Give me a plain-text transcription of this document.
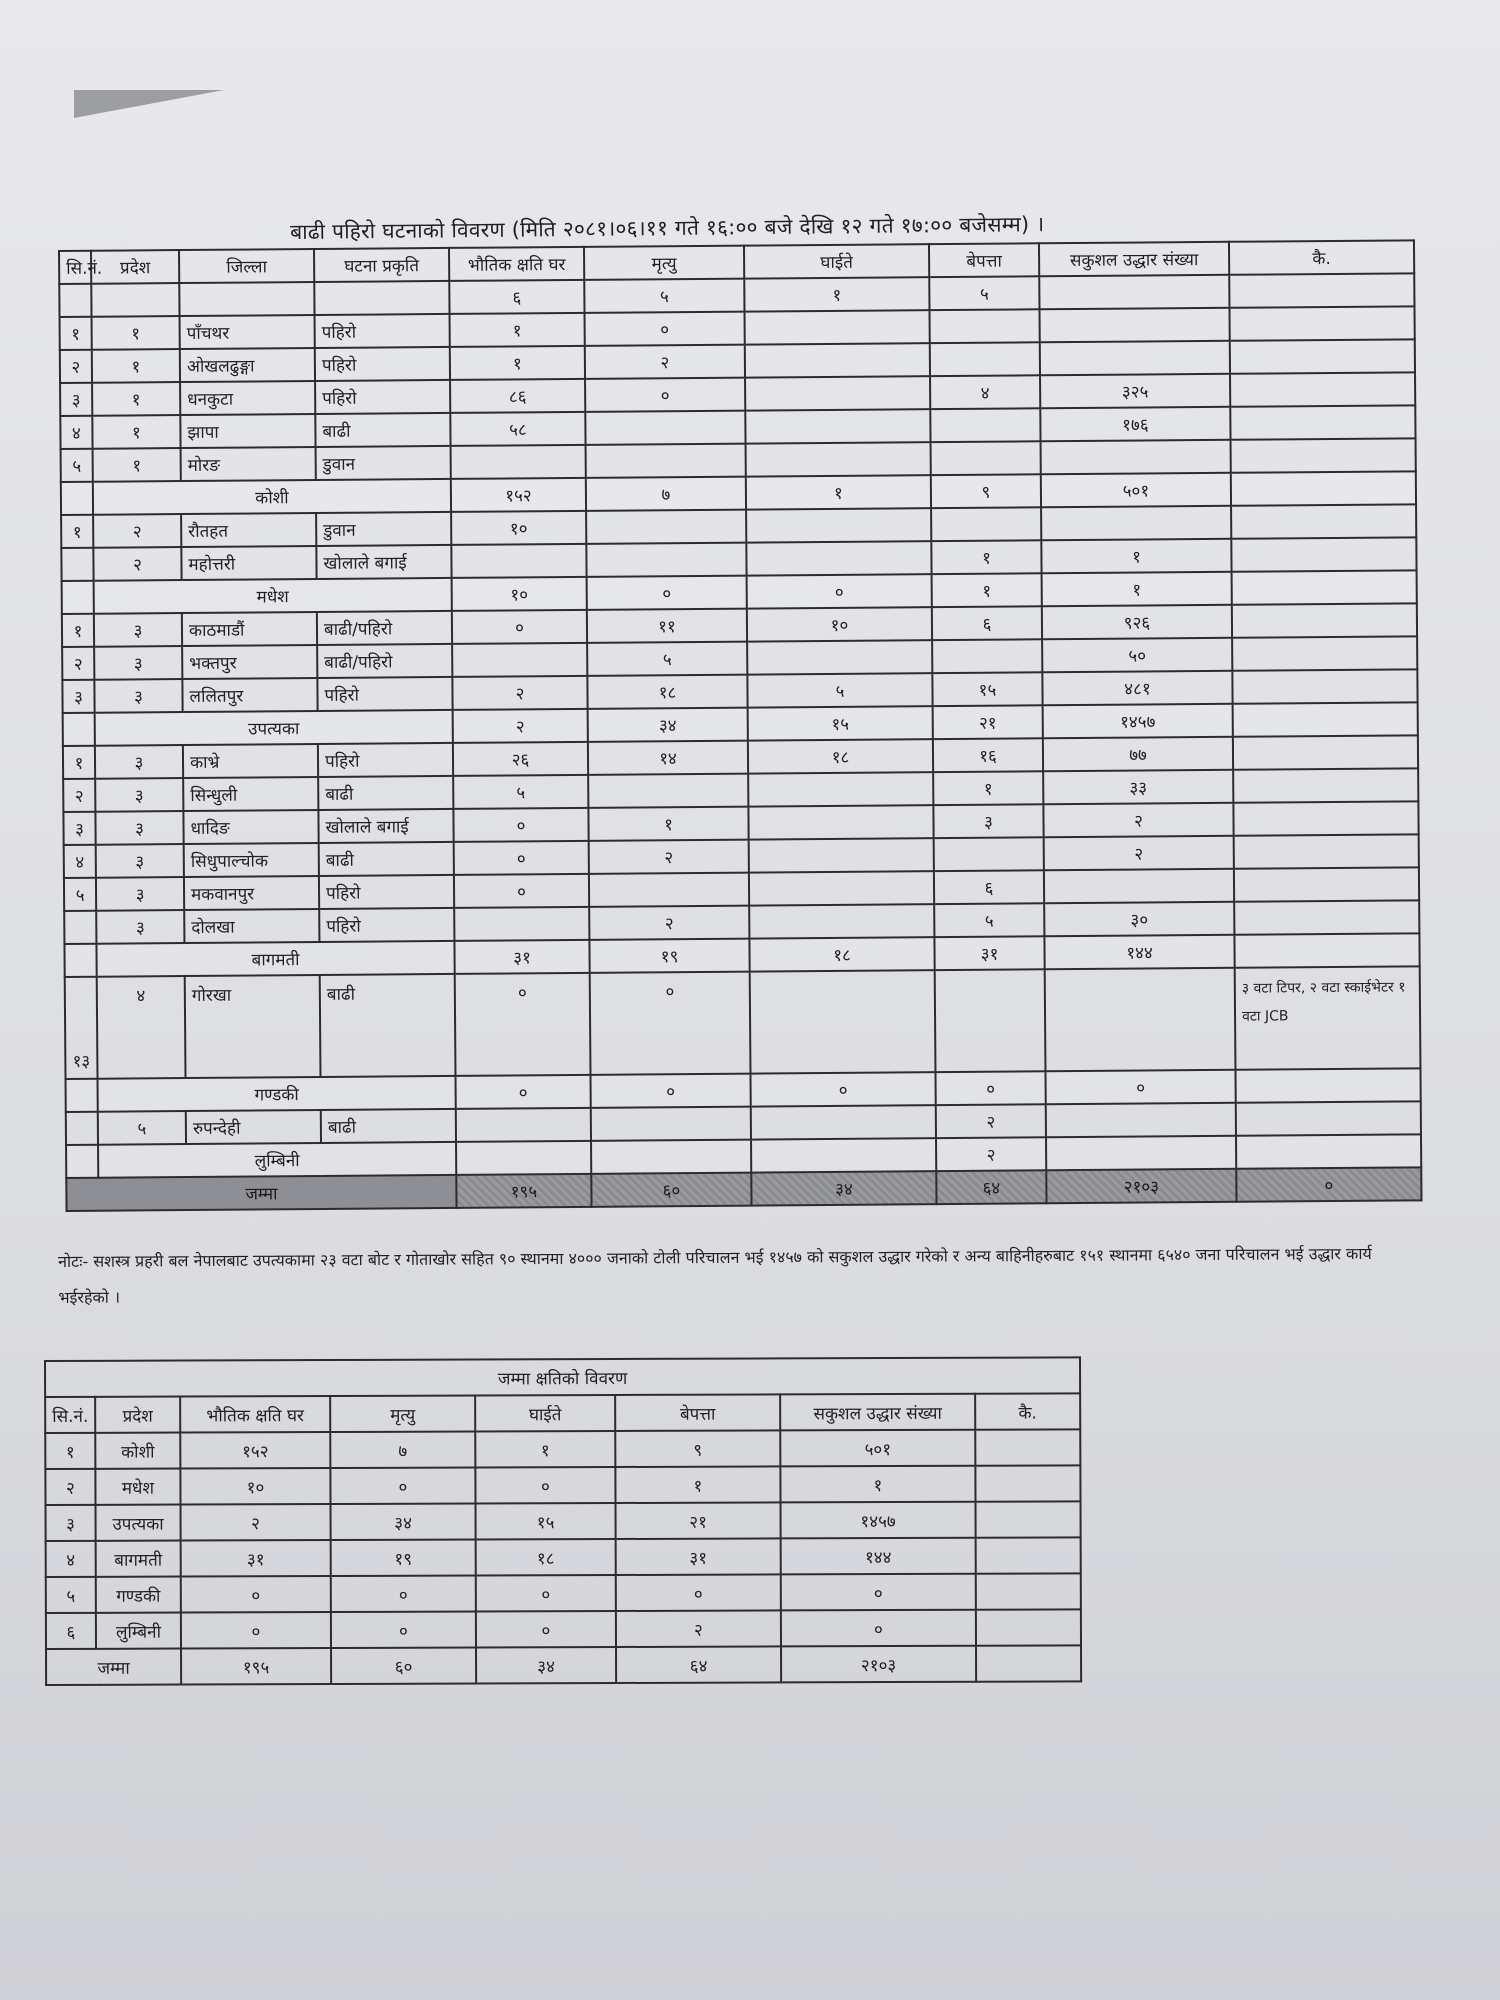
बाढी पहिरो घटनाको विवरण (मिति २०८१।०६।११ गते १६:०० बजे देखि १२ गते १७:०० बजेसम्म) ।
सि.नं.	प्रदेश	जिल्ला	घटना प्रकृति	भौतिक क्षति घर	मृत्यु	घाईते	बेपत्ता	सकुशल उद्धार संख्या	कै.
				६	५	१	५		
१	१	पाँचथर	पहिरो	१	०				
२	१	ओखलढुङ्गा	पहिरो	१	२				
३	१	धनकुटा	पहिरो	८६	०		४	३२५	
४	१	झापा	बाढी	५८				१७६	
५	१	मोरङ	डुवान						
	कोशी			१५२	७	१	९	५०१	
१	२	रौतहत	डुवान	१०					
	२	महोत्तरी	खोलाले बगाई				१	१	
	मधेश			१०	०	०	१	१	
१	३	काठमाडौं	बाढी/पहिरो	०	११	१०	६	९२६	
२	३	भक्तपुर	बाढी/पहिरो		५			५०	
३	३	ललितपुर	पहिरो	२	१८	५	१५	४८१	
	उपत्यका			२	३४	१५	२१	१४५७	
१	३	काभ्रे	पहिरो	२६	१४	१८	१६	७७	
२	३	सिन्धुली	बाढी	५			१	३३	
३	३	धादिङ	खोलाले बगाई	०	१		३	२	
४	३	सिधुपाल्चोक	बाढी	०	२			२	
५	३	मकवानपुर	पहिरो	०			६		
	३	दोलखा	पहिरो		२		५	३०	
	बागमती			३१	१९	१८	३१	१४४	
१३	४	गोरखा	बाढी	०	०				३ वटा टिपर, २ वटा स्काईभेटर १ वटा JCB
	गण्डकी			०	०	०	०	०	
	५	रुपन्देही	बाढी				२		
	लुम्बिनी						२		
जम्मा				१९५	६०	३४	६४	२१०३	०
नोटः- सशस्त्र प्रहरी बल नेपालबाट उपत्यकामा २३ वटा बोट र गोताखोर सहित ९० स्थानमा ४००० जनाको टोली परिचालन भई १४५७ को सकुशल उद्धार गरेको र अन्य बाहिनीहरुबाट १५१ स्थानमा ६५४० जना परिचालन भई उद्धार कार्य भईरहेको ।
जम्मा क्षतिको विवरण							
सि.नं.	प्रदेश	भौतिक क्षति घर	मृत्यु	घाईते	बेपत्ता	सकुशल उद्धार संख्या	कै.
१	कोशी	१५२	७	१	९	५०१	
२	मधेश	१०	०	०	१	१	
३	उपत्यका	२	३४	१५	२१	१४५७	
४	बागमती	३१	१९	१८	३१	१४४	
५	गण्डकी	०	०	०	०	०	
६	लुम्बिनी	०	०	०	२	०	
जम्मा		१९५	६०	३४	६४	२१०३	
